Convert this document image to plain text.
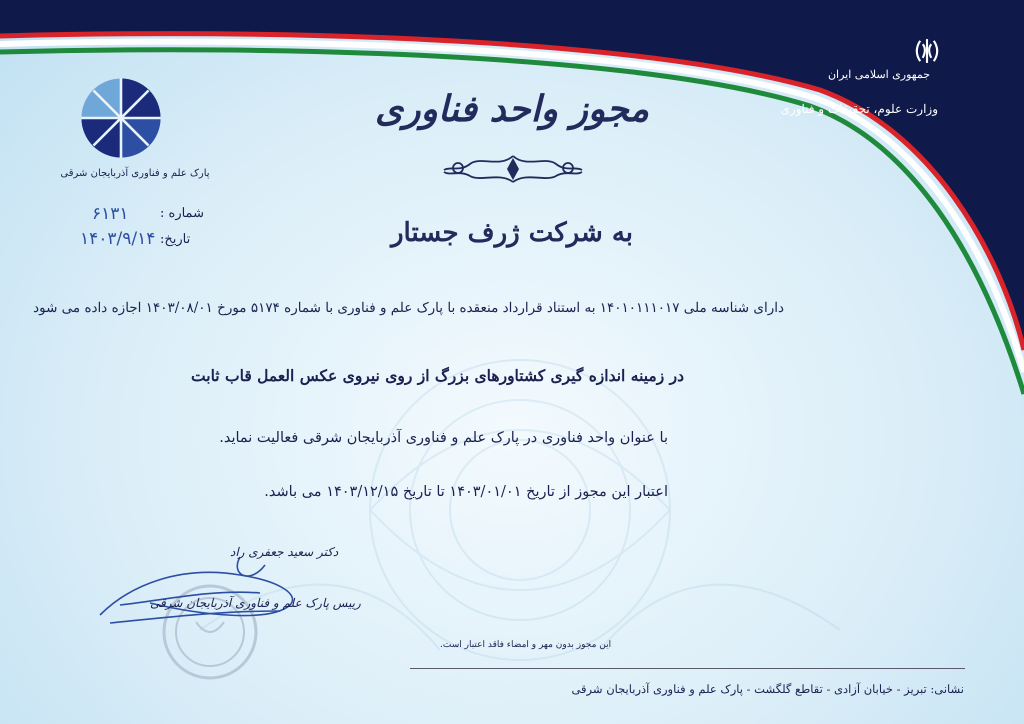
پارک علم و فناوری آذربایجان شرقی
جمهوری اسلامی ایران
وزارت علوم، تحقیقات و فناوری
مجوز واحد فناوری
به شرکت ژرف جستار
شماره :
۶۱۳۱
تاریخ:
۱۴۰۳/۹/۱۴
دارای شناسه ملی ۱۴۰۱۰۱۱۱۰۱۷ به استناد قرارداد منعقده با پارک علم و فناوری با شماره ۵۱۷۴ مورخ ۱۴۰۳/۰۸/۰۱ اجازه داده می شود
در زمینه اندازه گیری کشتاورهای بزرگ از روی نیروی عکس العمل قاب ثابت
با عنوان واحد فناوری در پارک علم و فناوری آذربایجان شرقی فعالیت نماید.
اعتبار این مجوز از تاریخ ۱۴۰۳/۰۱/۰۱ تا تاریخ ۱۴۰۳/۱۲/۱۵ می باشد.
دکتر سعید جعفری راد
رییس پارک علم و فناوری آذربایجان شرقی
این مجوز بدون مهر و امضاء فاقد اعتبار است.
نشانی: تبریز - خیابان آزادی - تقاطع گلگشت - پارک علم و فناوری آذربایجان شرقی
